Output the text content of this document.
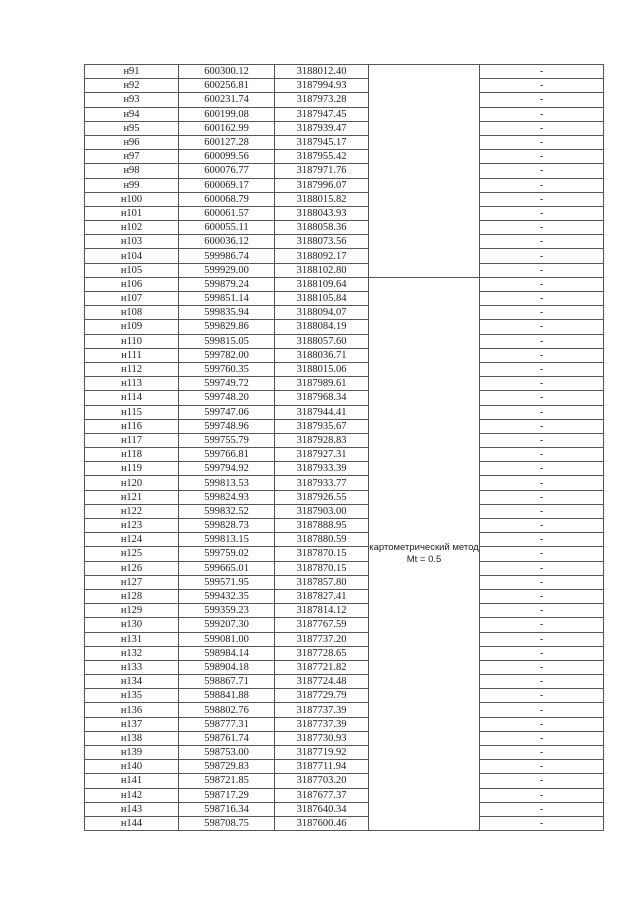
н91	600300.12	3188012.40		-
н92	600256.81	3187994.93		-
н93	600231.74	3187973.28		-
н94	600199.08	3187947.45		-
н95	600162.99	3187939.47		-
н96	600127.28	3187945.17		-
н97	600099.56	3187955.42		-
н98	600076.77	3187971.76		-
н99	600069.17	3187996.07		-
н100	600068.79	3188015.82		-
н101	600061.57	3188043.93		-
н102	600055.11	3188058.36		-
н103	600036.12	3188073.56		-
н104	599986.74	3188092.17		-
н105	599929.00	3188102.80		-
н106	599879.24	3188109.64	картометрический метод Mt = 0.5	-
н107	599851.14	3188105.84		-
н108	599835.94	3188094.07		-
н109	599829.86	3188084.19		-
н110	599815.05	3188057.60		-
н111	599782.00	3188036.71		-
н112	599760.35	3188015.06		-
н113	599749.72	3187989.61		-
н114	599748.20	3187968.34		-
н115	599747.06	3187944.41		-
н116	599748.96	3187935.67		-
н117	599755.79	3187928.83		-
н118	599766.81	3187927.31		-
н119	599794.92	3187933.39		-
н120	599813.53	3187933.77		-
н121	599824.93	3187926.55		-
н122	599832.52	3187903.00		-
н123	599828.73	3187888.95		-
н124	599813.15	3187880.59		-
н125	599759.02	3187870.15		-
н126	599665.01	3187870.15		-
н127	599571.95	3187857.80		-
н128	599432.35	3187827.41		-
н129	599359.23	3187814.12		-
н130	599207.30	3187767.59		-
н131	599081.00	3187737.20		-
н132	598984.14	3187728.65		-
н133	598904.18	3187721.82		-
н134	598867.71	3187724.48		-
н135	598841.88	3187729.79		-
н136	598802.76	3187737.39		-
н137	598777.31	3187737.39		-
н138	598761.74	3187730.93		-
н139	598753.00	3187719.92		-
н140	598729.83	3187711.94		-
н141	598721.85	3187703.20		-
н142	598717.29	3187677.37		-
н143	598716.34	3187640.34		-
н144	598708.75	3187600.46		-
